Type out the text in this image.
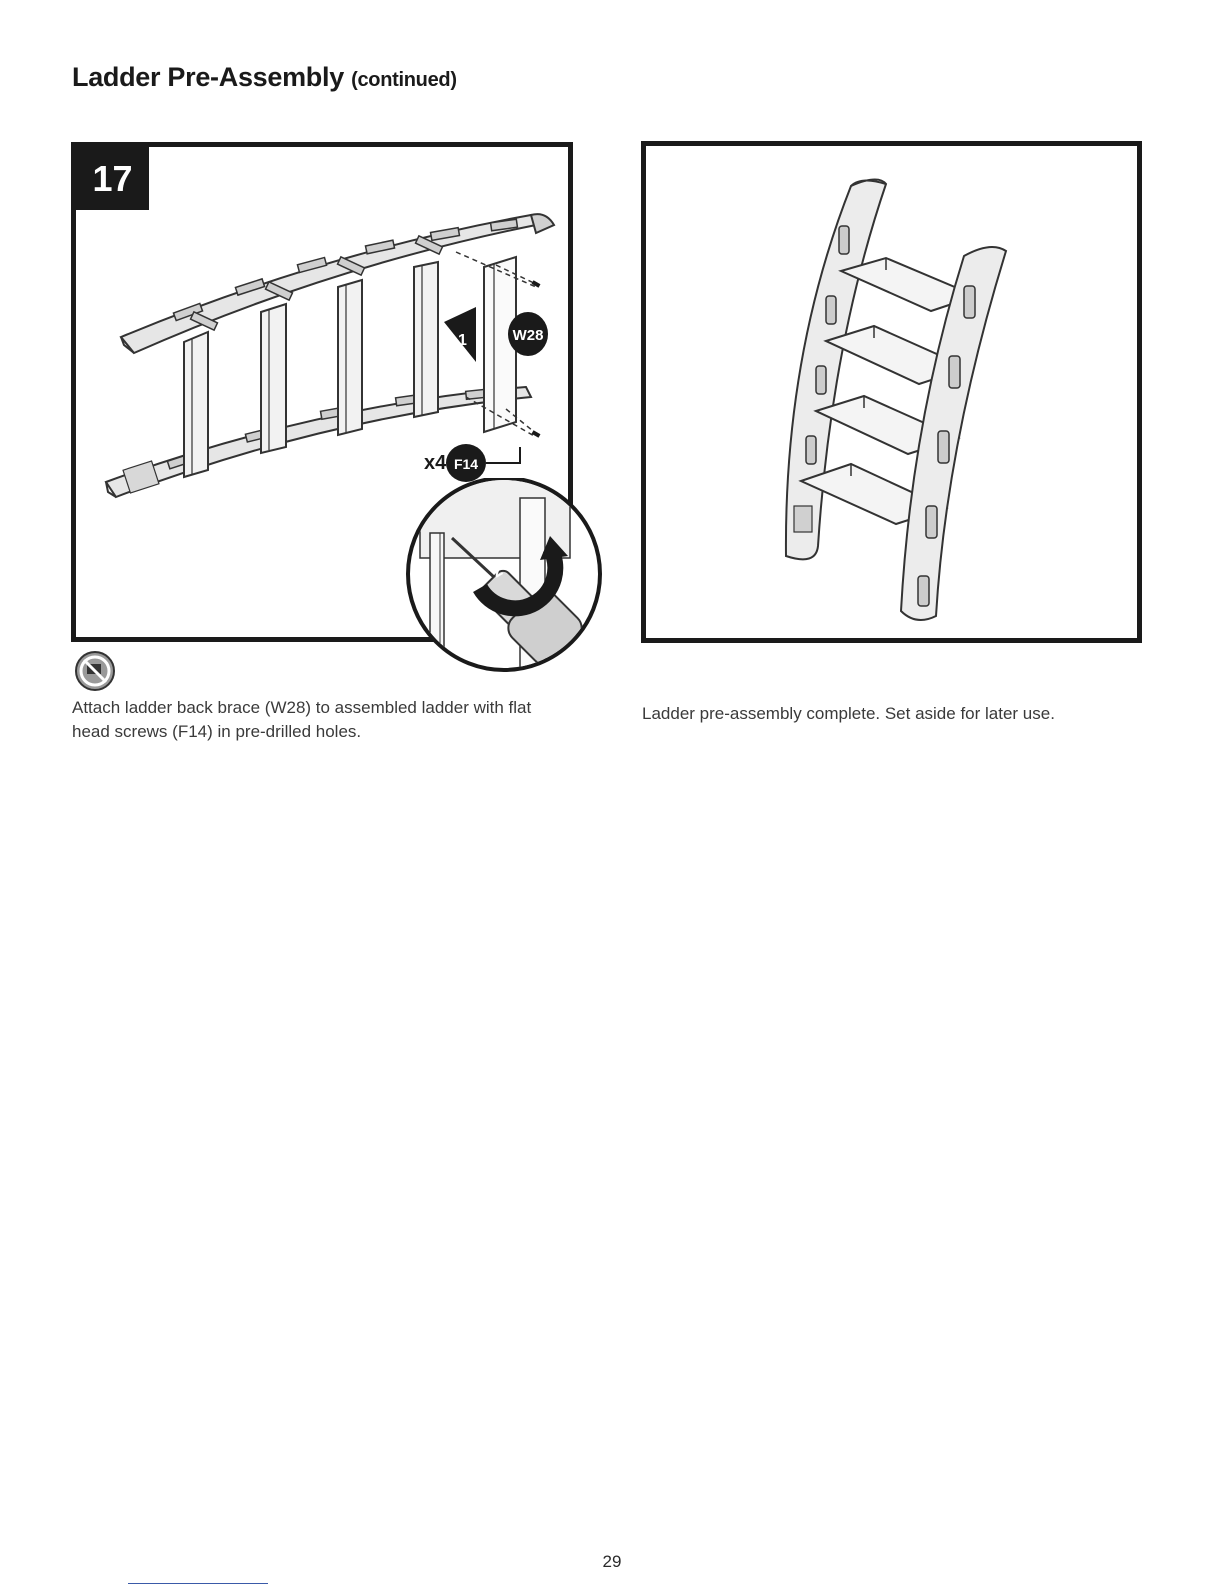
Ladder Pre-Assembly (continued)
17
1	W28
x4 F14
2
Attach ladder back brace (W28) to assembled ladder with flat head screws (F14) in pre-drilled holes.
Ladder pre-assembly complete. Set aside for later use.
29
